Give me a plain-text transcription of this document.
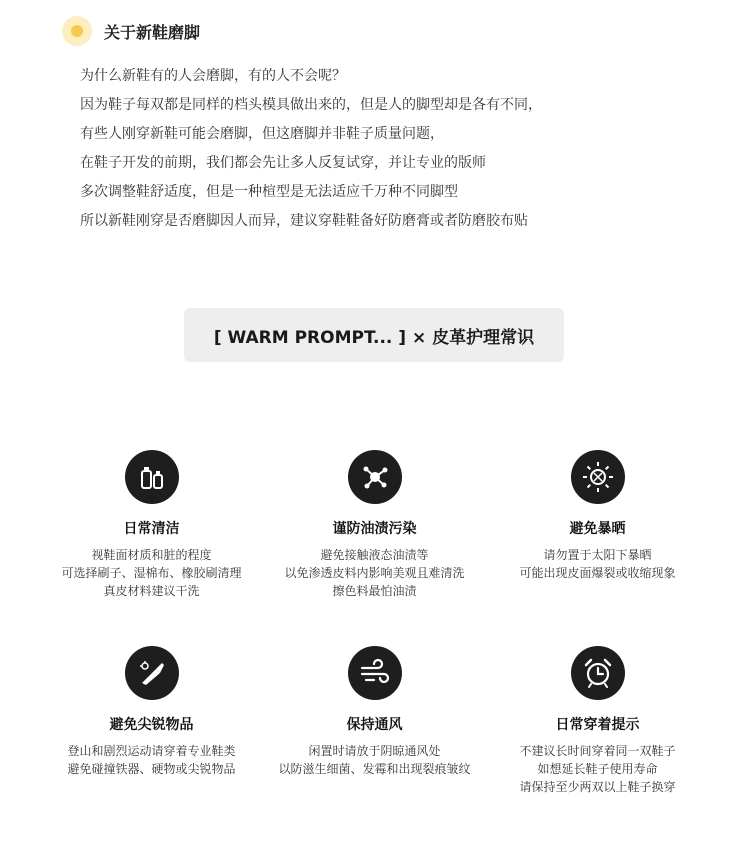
关于新鞋磨脚

为什么新鞋有的人会磨脚，有的人不会呢？

因为鞋子每双都是同样的档头模具做出来的，但是人的脚型却是各有不同，

有些人刚穿新鞋可能会磨脚，但这磨脚并非鞋子质量问题，

在鞋子开发的前期，我们都会先让多人反复试穿，并让专业的版师

多次调整鞋舒适度，但是一种楦型是无法适应千万种不同脚型

所以新鞋刚穿是否磨脚因人而异，建议穿鞋鞋备好防磨膏或者防磨胶布贴

[ WARM PROMPT... ] × 皮革护理常识
日常清洁
视鞋面材质和脏的程度
可选择刷子、湿棉布、橡胶刷清理
真皮材料建议干洗
谨防油渍污染
避免接触液态油渍等
以免渗透皮料内影响美观且难清洗
擦色料最怕油渍
避免暴晒
请勿置于太阳下暴晒
可能出现皮面爆裂或收缩现象
避免尖锐物品
登山和剧烈运动请穿着专业鞋类
避免碰撞铁器、硬物或尖锐物品
保持通风
闲置时请放于阴晾通风处
以防滋生细菌、发霉和出现裂痕皱纹
日常穿着提示
不建议长时间穿着同一双鞋子
如想延长鞋子使用寿命
请保持至少两双以上鞋子换穿
